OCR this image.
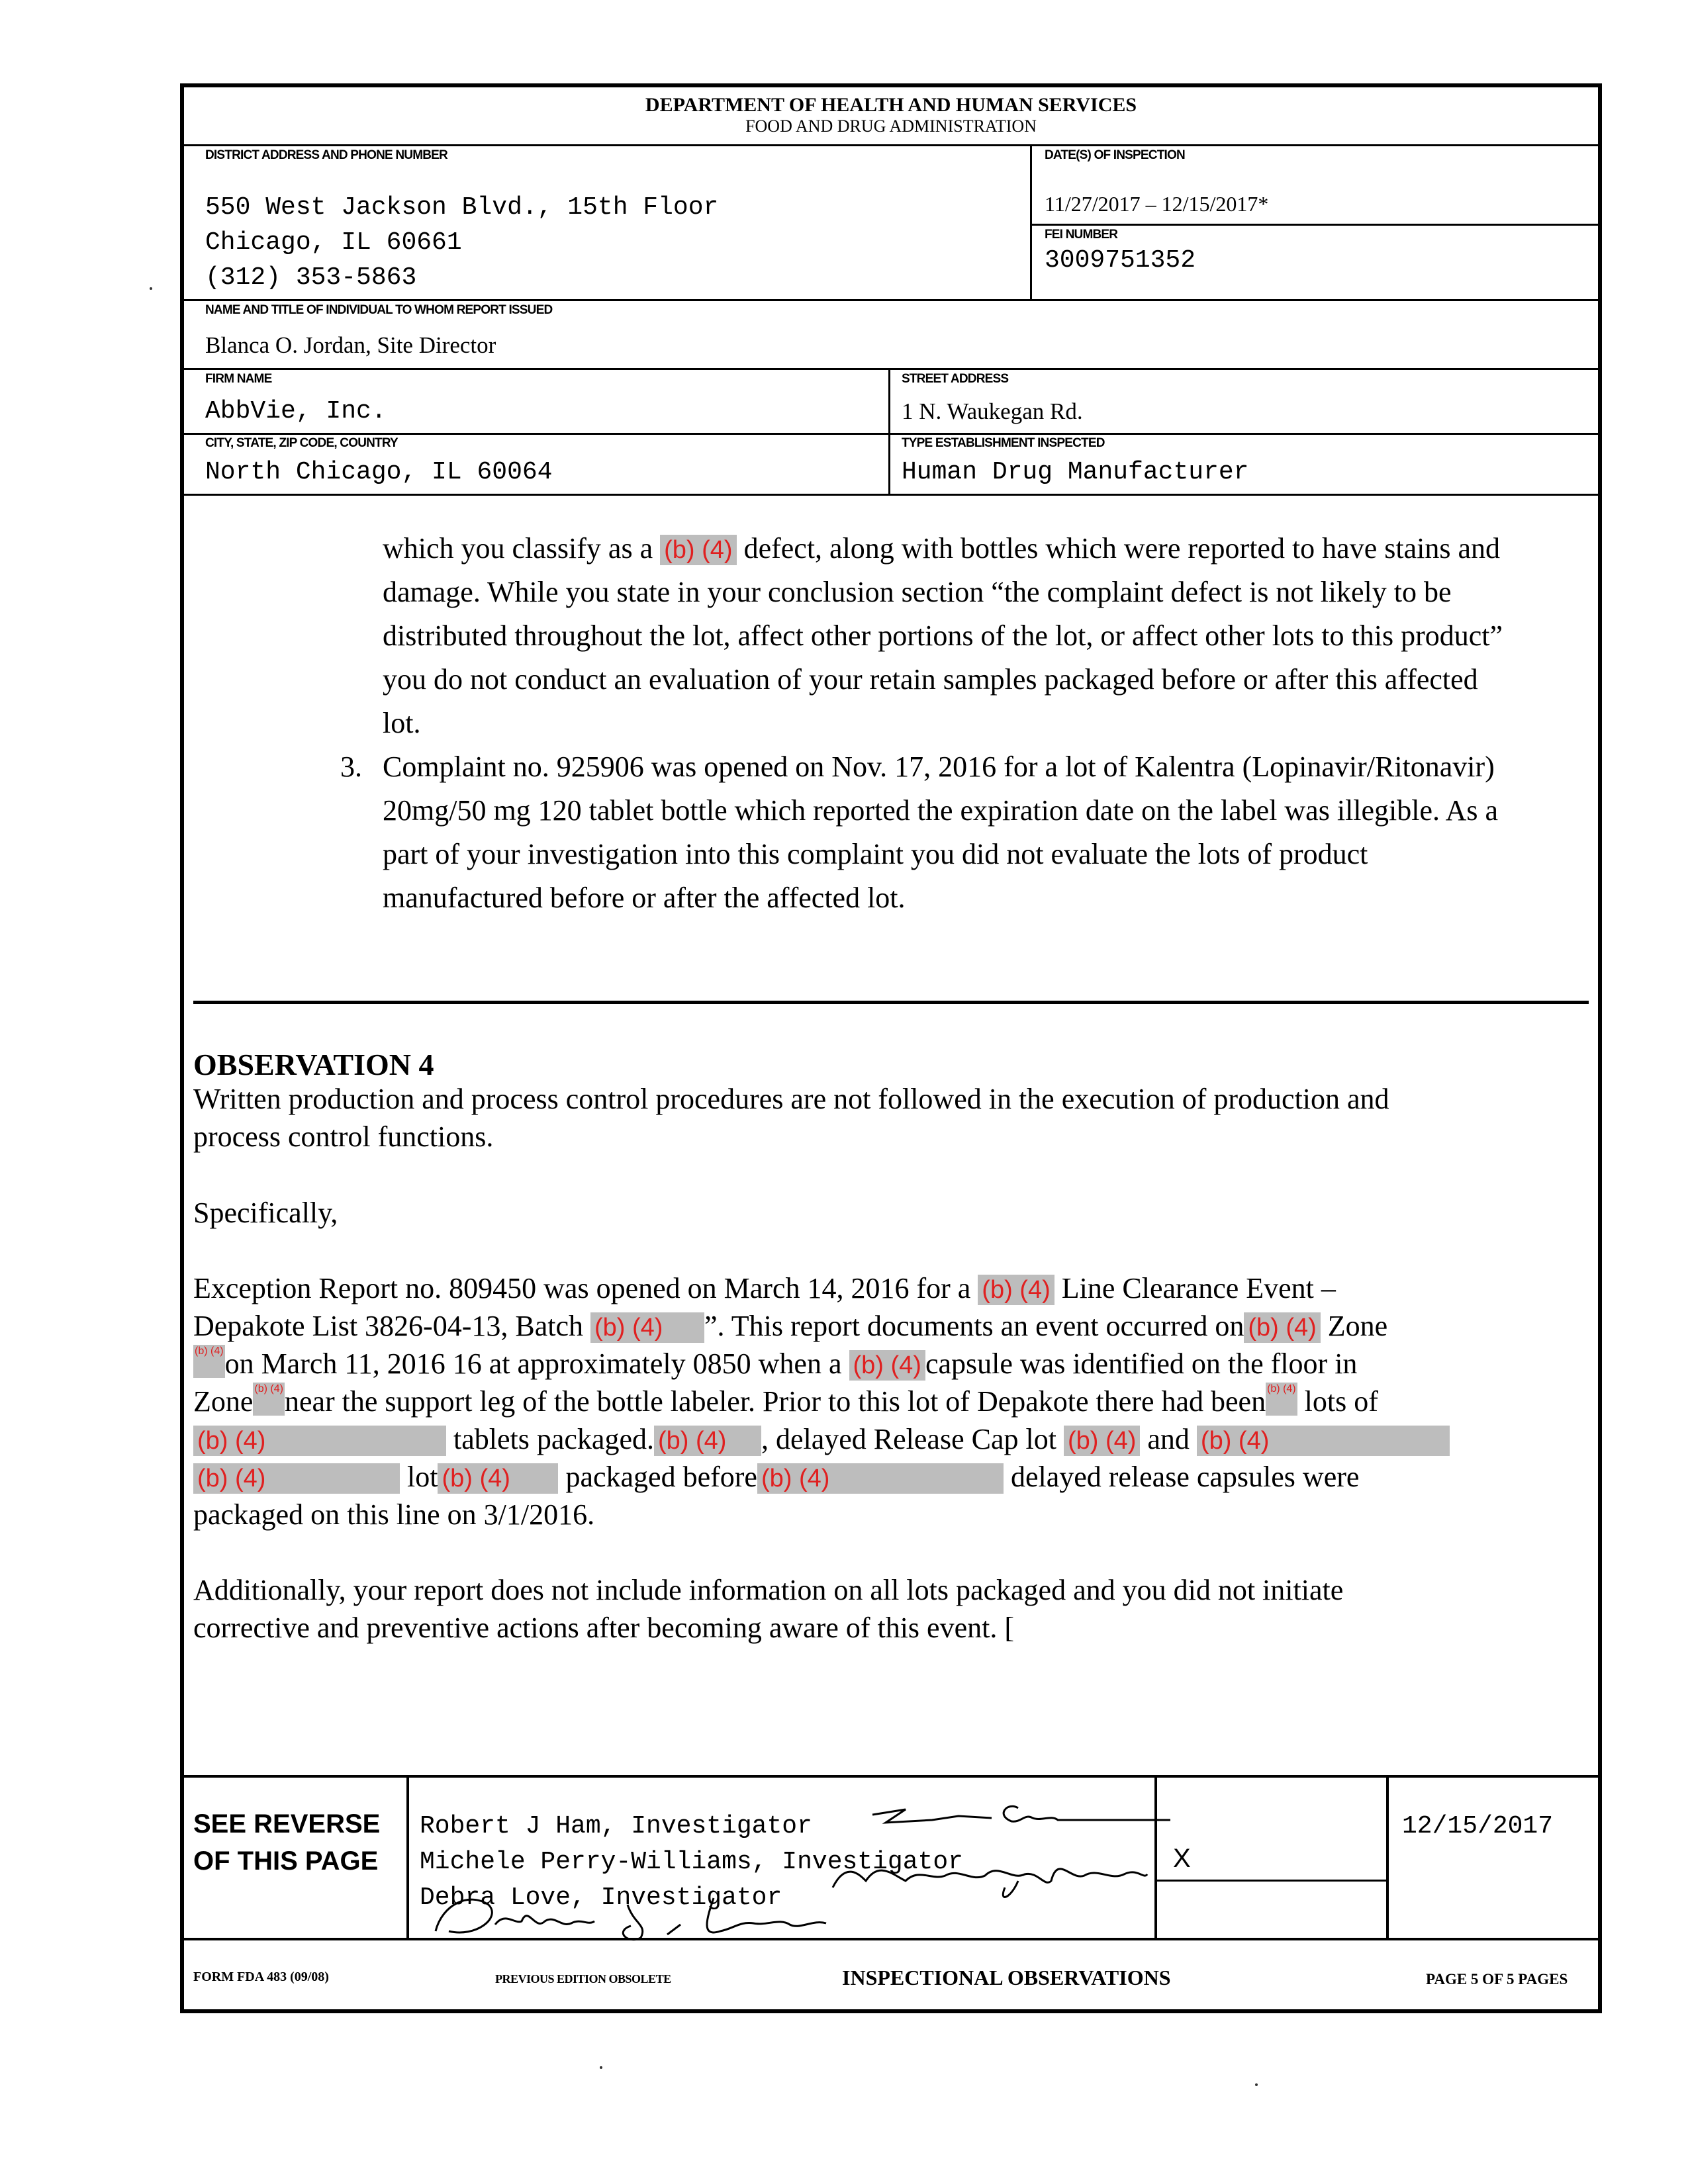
DEPARTMENT OF HEALTH AND HUMAN SERVICES
FOOD AND DRUG ADMINISTRATION
DISTRICT ADDRESS AND PHONE NUMBER
550 West Jackson Blvd., 15th Floor
Chicago, IL 60661
(312) 353-5863
DATE(S) OF INSPECTION
11/27/2017 – 12/15/2017*
FEI NUMBER
3009751352
NAME AND TITLE OF INDIVIDUAL TO WHOM REPORT ISSUED
Blanca O. Jordan, Site Director
FIRM NAME
AbbVie, Inc.
STREET ADDRESS
1 N. Waukegan Rd.
CITY, STATE, ZIP CODE, COUNTRY
North Chicago, IL 60064
TYPE ESTABLISHMENT INSPECTED
Human Drug Manufacturer
which you classify as a (b) (4) defect, along with bottles which were reported to have stains and
damage. While you state in your conclusion section “the complaint defect is not likely to be
distributed throughout the lot, affect other portions of the lot, or affect other lots to this product”
you do not conduct an evaluation of your retain samples packaged before or after this affected
lot.
3. Complaint no. 925906 was opened on Nov. 17, 2016 for a lot of Kalentra (Lopinavir/Ritonavir)
20mg/50 mg 120 tablet bottle which reported the expiration date on the label was illegible. As a
part of your investigation into this complaint you did not evaluate the lots of product
manufactured before or after the affected lot.
OBSERVATION 4
Written production and process control procedures are not followed in the execution of production and
process control functions.
Specifically,
Exception Report no. 809450 was opened on March 14, 2016 for a (b) (4) Line Clearance Event –
Depakote List 3826-04-13, Batch (b) (4) ”. This report documents an event occurred on (b) (4) Zone
(b) (4)on March 11, 2016 16 at approximately 0850 when a (b) (4) capsule was identified on the floor in
Zone (b) (4)near the support leg of the bottle labeler. Prior to this lot of Depakote there had been (b) (4) lots of
(b) (4)	tablets packaged. (b) (4) , delayed Release Cap lot (b) (4) and (b) (4)
(b) (4)	lot (b) (4) packaged before (b) (4)	delayed release capsules were
packaged on this line on 3/1/2016.
Additionally, your report does not include information on all lots packaged and you did not initiate
corrective and preventive actions after becoming aware of this event. [
SEE REVERSE
OF THIS PAGE
Robert J Ham, Investigator
Michele Perry-Williams, Investigator
Debra Love, Investigator
X
12/15/2017
FORM FDA 483 (09/08)	PREVIOUS EDITION OBSOLETE	INSPECTIONAL OBSERVATIONS	PAGE 5 OF 5 PAGES
